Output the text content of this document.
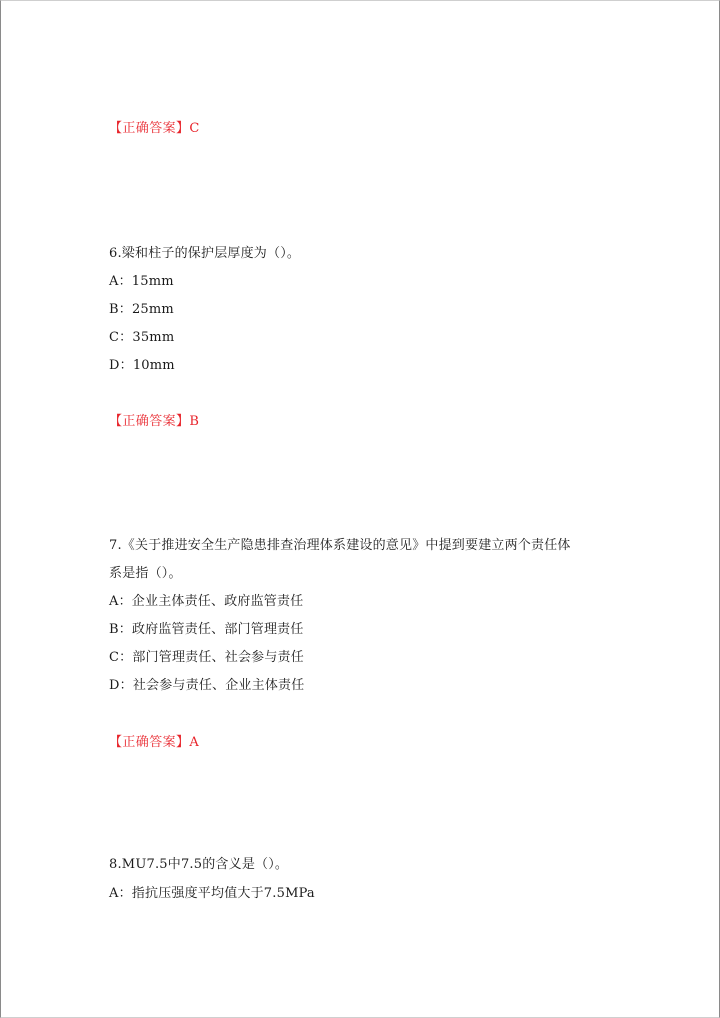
【正确答案】C
6.梁和柱子的保护层厚度为（）。
A：15mm
B：25mm
C：35mm
D：10mm
【正确答案】B
7.《关于推进安全生产隐患排查治理体系建设的意见》中提到要建立两个责任体
系是指（）。
A：企业主体责任、政府监管责任
B：政府监管责任、部门管理责任
C：部门管理责任、社会参与责任
D：社会参与责任、企业主体责任
【正确答案】A
8.MU7.5中7.5的含义是（）。
A：指抗压强度平均值大于7.5MPa
